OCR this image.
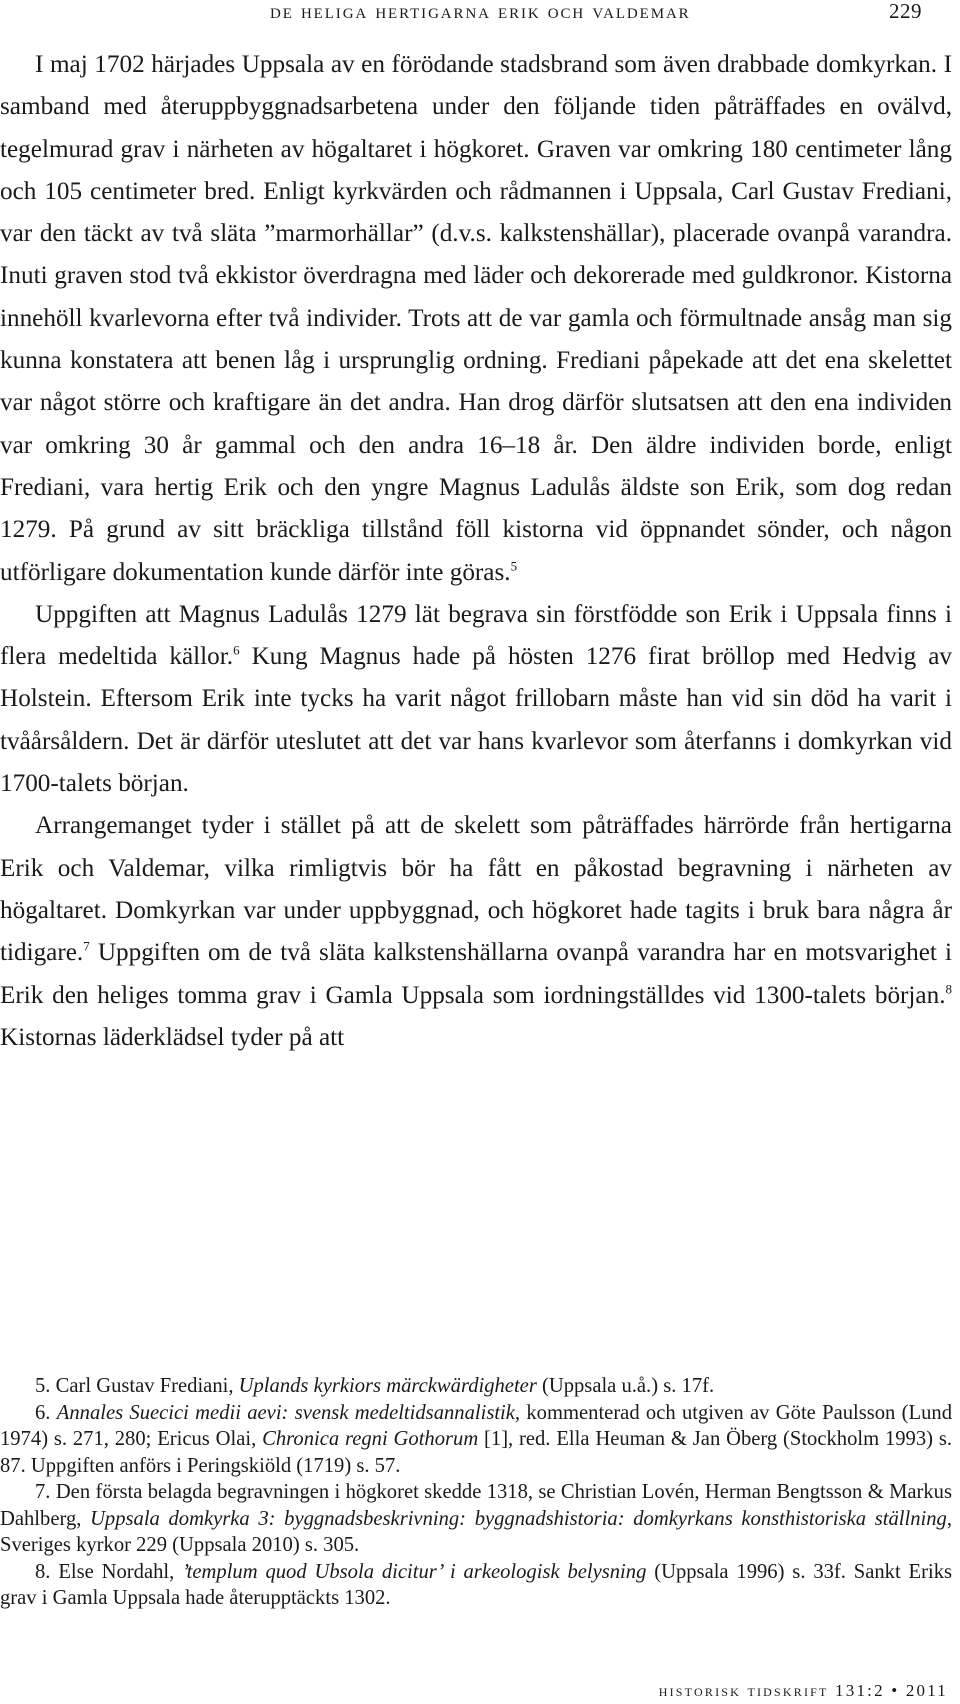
de heliga hertigarna erik och valdemar	229

I maj 1702 härjades Uppsala av en förödande stadsbrand som även drabbade domkyrkan. I samband med återuppbyggnadsarbetena under den följande tiden påträffades en ovälvd, tegelmurad grav i närheten av högaltaret i högkoret. Graven var omkring 180 centimeter lång och 105 centimeter bred. Enligt kyrkvärden och rådmannen i Uppsala, Carl Gustav Frediani, var den täckt av två släta ”marmorhällar” (d.v.s. kalkstenshällar), placerade ovanpå varandra. Inuti graven stod två ekkistor överdragna med läder och dekorerade med guldkronor. Kistorna innehöll kvarlevorna efter två individer. Trots att de var gamla och förmultnade ansåg man sig kunna konstatera att benen låg i ursprunglig ordning. Frediani påpekade att det ena skelettet var något större och kraftigare än det andra. Han drog därför slutsatsen att den ena individen var omkring 30 år gammal och den andra 16–18 år. Den äldre individen borde, enligt Frediani, vara hertig Erik och den yngre Magnus Ladulås äldste son Erik, som dog redan 1279. På grund av sitt bräckliga tillstånd föll kistorna vid öppnandet sönder, och någon utförligare dokumentation kunde därför inte göras.$^5$

Uppgiften att Magnus Ladulås 1279 lät begrava sin förstfödde son Erik i Uppsala finns i flera medeltida källor.$^6$ Kung Magnus hade på hösten 1276 firat bröllop med Hedvig av Holstein. Eftersom Erik inte tycks ha varit något frillobarn måste han vid sin död ha varit i tvåårsåldern. Det är därför uteslutet att det var hans kvarlevor som återfanns i domkyrkan vid 1700-talets början.

Arrangemanget tyder i stället på att de skelett som påträffades härrörde från hertigarna Erik och Valdemar, vilka rimligtvis bör ha fått en påkostad begravning i närheten av högaltaret. Domkyrkan var under uppbyggnad, och högkoret hade tagits i bruk bara några år tidigare.$^7$ Uppgiften om de två släta kalkstenshällarna ovanpå varandra har en motsvarighet i Erik den heliges tomma grav i Gamla Uppsala som iordningställdes vid 1300-talets början.$^8$ Kistornas läderklädsel tyder på att

5. Carl Gustav Frediani, Uplands kyrkiors märckwärdigheter (Uppsala u.å.) s. 17f.

6. Annales Suecici medii aevi: svensk medeltidsannalistik, kommenterad och utgiven av Göte Paulsson (Lund 1974) s. 271, 280; Ericus Olai, Chronica regni Gothorum [1], red. Ella Heuman & Jan Öberg (Stockholm 1993) s. 87. Uppgiften anförs i Peringskiöld (1719) s. 57.

7. Den första belagda begravningen i högkoret skedde 1318, se Christian Lovén, Herman Bengtsson & Markus Dahlberg, Uppsala domkyrka 3: byggnadsbeskrivning: byggnadshistoria: domkyrkans konsthistoriska ställning, Sveriges kyrkor 229 (Uppsala 2010) s. 305.

8. Else Nordahl, ’templum quod Ubsola dicitur’ i arkeologisk belysning (Uppsala 1996) s. 33f. Sankt Eriks grav i Gamla Uppsala hade återupptäckts 1302.

historisk tidskrift 131:2 • 2011
